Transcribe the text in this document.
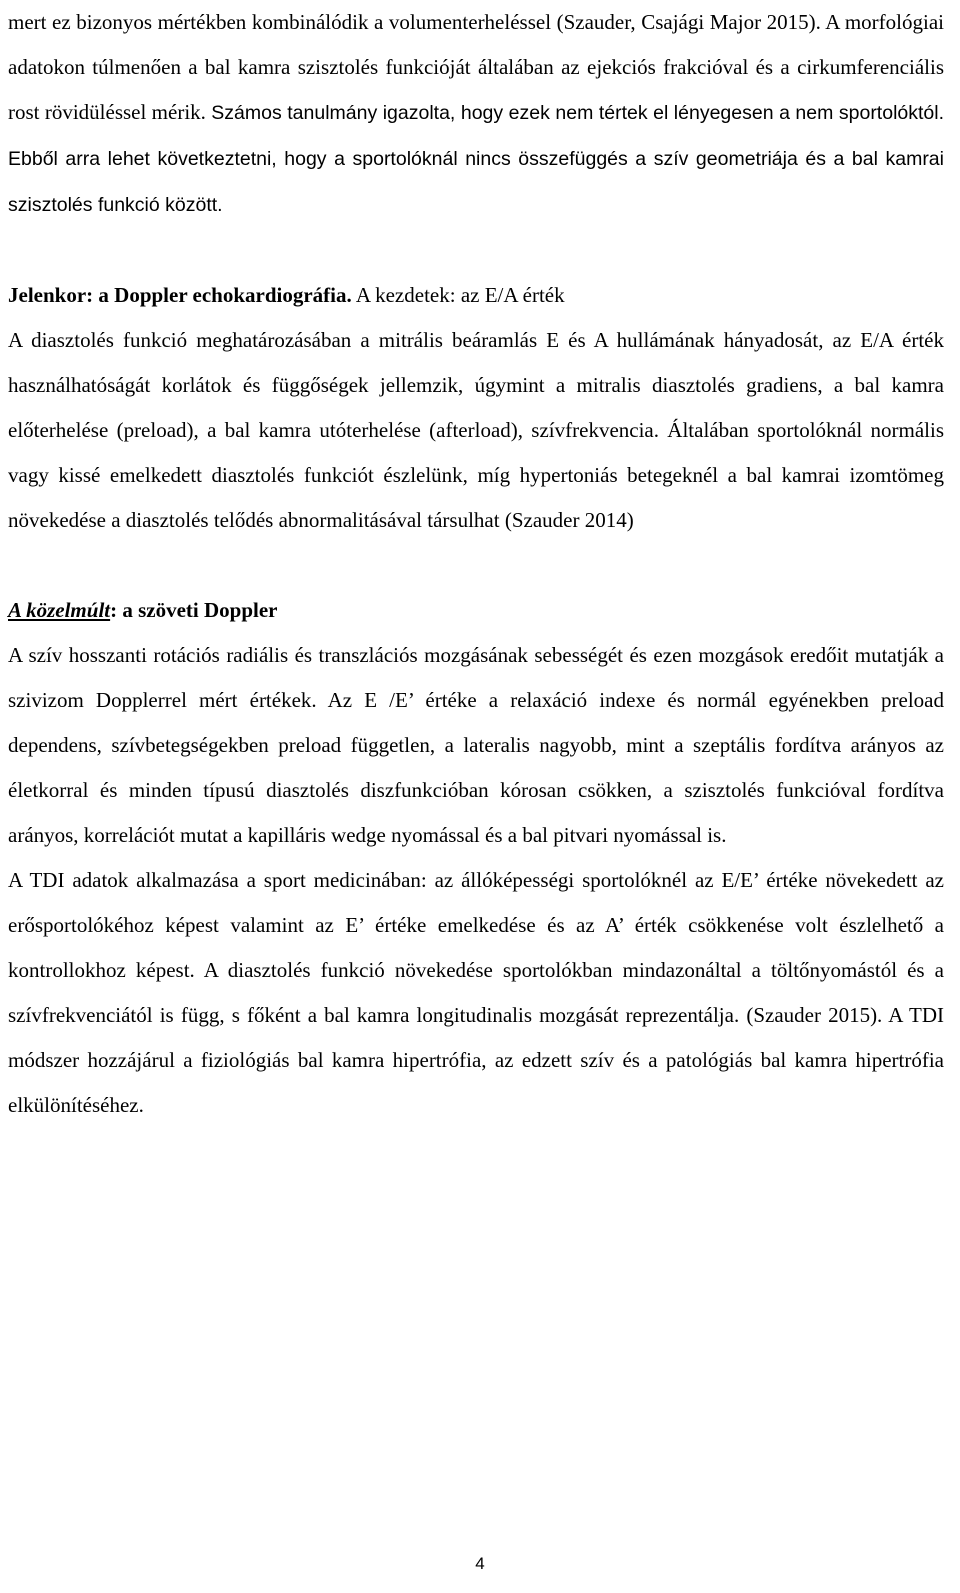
mert ez bizonyos mértékben kombinálódik a volumenterheléssel (Szauder, Csajági Major 2015). A morfológiai adatokon túlmenően a bal kamra szisztolés funkcióját általában az ejekciós frakcióval és a cirkumferenciális rost rövidüléssel mérik. Számos tanulmány igazolta, hogy ezek nem tértek el lényegesen a nem sportolóktól. Ebből arra lehet következtetni, hogy a sportolóknál nincs összefüggés a szív geometriája és a bal kamrai szisztolés funkció között.

Jelenkor: a Doppler echokardiográfia. A kezdetek: az E/A érték

A diasztolés funkció meghatározásában a mitrális beáramlás E és A hullámának hányadosát, az E/A érték használhatóságát korlátok és függőségek jellemzik, úgymint a mitralis diasztolés gradiens, a bal kamra előterhelése (preload), a bal kamra utóterhelése (afterload), szívfrekvencia. Általában sportolóknál normális vagy kissé emelkedett diasztolés funkciót észlelünk, míg hypertoniás betegeknél a bal kamrai izomtömeg növekedése a diasztolés telődés abnormalitásával társulhat (Szauder 2014)

A közelmúlt: a szöveti Doppler

A szív hosszanti rotációs radiális és transzlációs mozgásának sebességét és ezen mozgások eredőit mutatják a szivizom Dopplerrel mért értékek. Az E /E’ értéke a relaxáció indexe és normál egyénekben preload dependens, szívbetegségekben preload független, a lateralis nagyobb, mint a szeptális fordítva arányos az életkorral és minden típusú diasztolés diszfunkcióban kórosan csökken, a szisztolés funkcióval fordítva arányos, korrelációt mutat a kapilláris wedge nyomással és a bal pitvari nyomással is.

A TDI adatok alkalmazása a sport medicinában: az állóképességi sportolóknél az E/E’ értéke növekedett az erősportolókéhoz képest valamint az E’ értéke emelkedése és az A’ érték csökkenése volt észlelhető a kontrollokhoz képest. A diasztolés funkció növekedése sportolókban mindazonáltal a töltőnyomástól és a szívfrekvenciától is függ, s főként a bal kamra longitudinalis mozgását reprezentálja. (Szauder 2015). A TDI módszer hozzájárul a fiziológiás bal kamra hipertrófia, az edzett szív és a patológiás bal kamra hipertrófia elkülönítéséhez.

4
